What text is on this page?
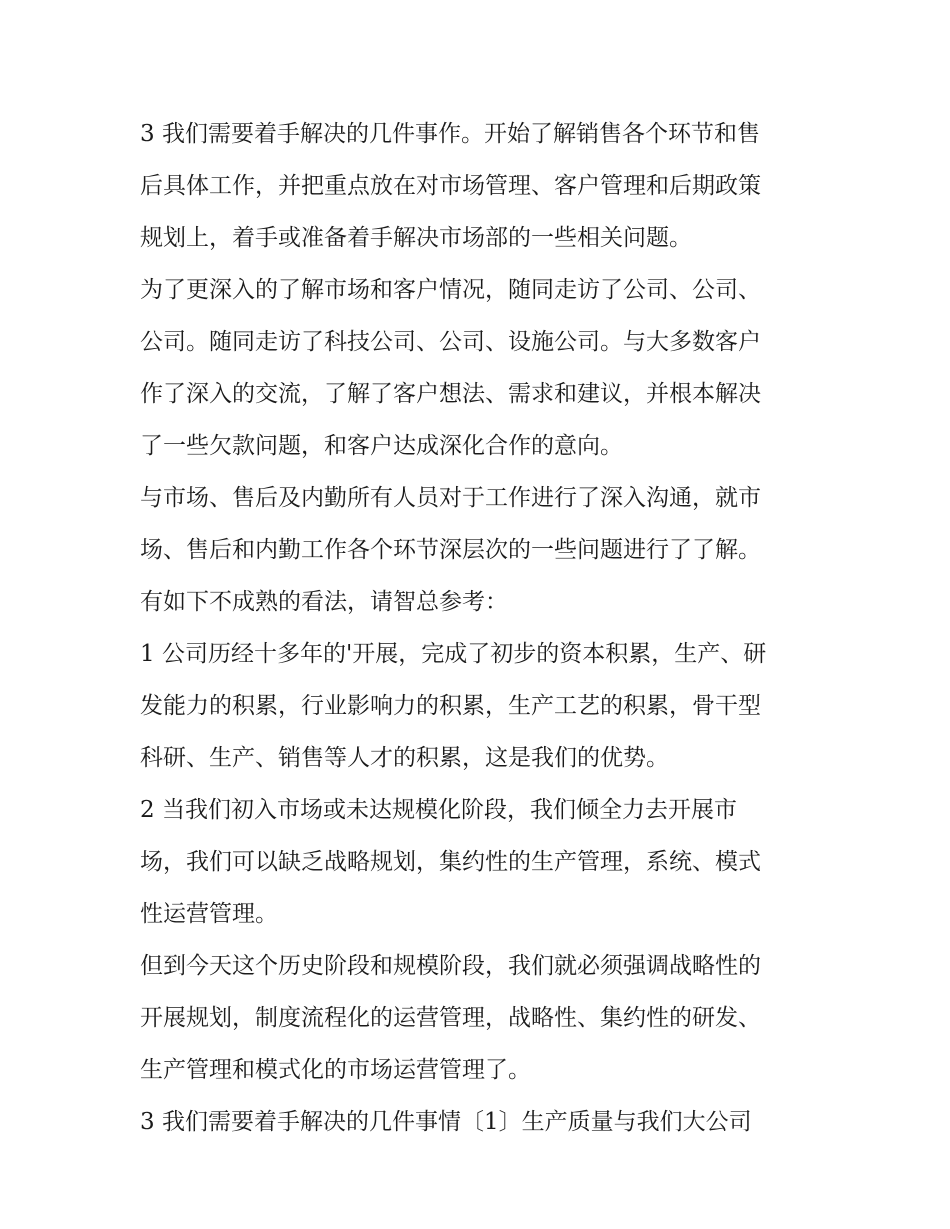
3 我们需要着手解决的几件事作。开始了解销售各个环节和售
后具体工作，并把重点放在对市场管理、客户管理和后期政策
规划上，着手或准备着手解决市场部的一些相关问题。
为了更深入的了解市场和客户情况，随同走访了公司、公司、
公司。随同走访了科技公司、公司、设施公司。与大多数客户
作了深入的交流，了解了客户想法、需求和建议，并根本解决
了一些欠款问题，和客户达成深化合作的意向。
与市场、售后及内勤所有人员对于工作进行了深入沟通，就市
场、售后和内勤工作各个环节深层次的一些问题进行了了解。
有如下不成熟的看法，请智总参考：
1 公司历经十多年的'开展，完成了初步的资本积累，生产、研
发能力的积累，行业影响力的积累，生产工艺的积累，骨干型
科研、生产、销售等人才的积累，这是我们的优势。
2 当我们初入市场或未达规模化阶段，我们倾全力去开展市
场，我们可以缺乏战略规划，集约性的生产管理，系统、模式
性运营管理。
但到今天这个历史阶段和规模阶段，我们就必须强调战略性的
开展规划，制度流程化的运营管理，战略性、集约性的研发、
生产管理和模式化的市场运营管理了。
3 我们需要着手解决的几件事情〔1〕生产质量与我们大公司
